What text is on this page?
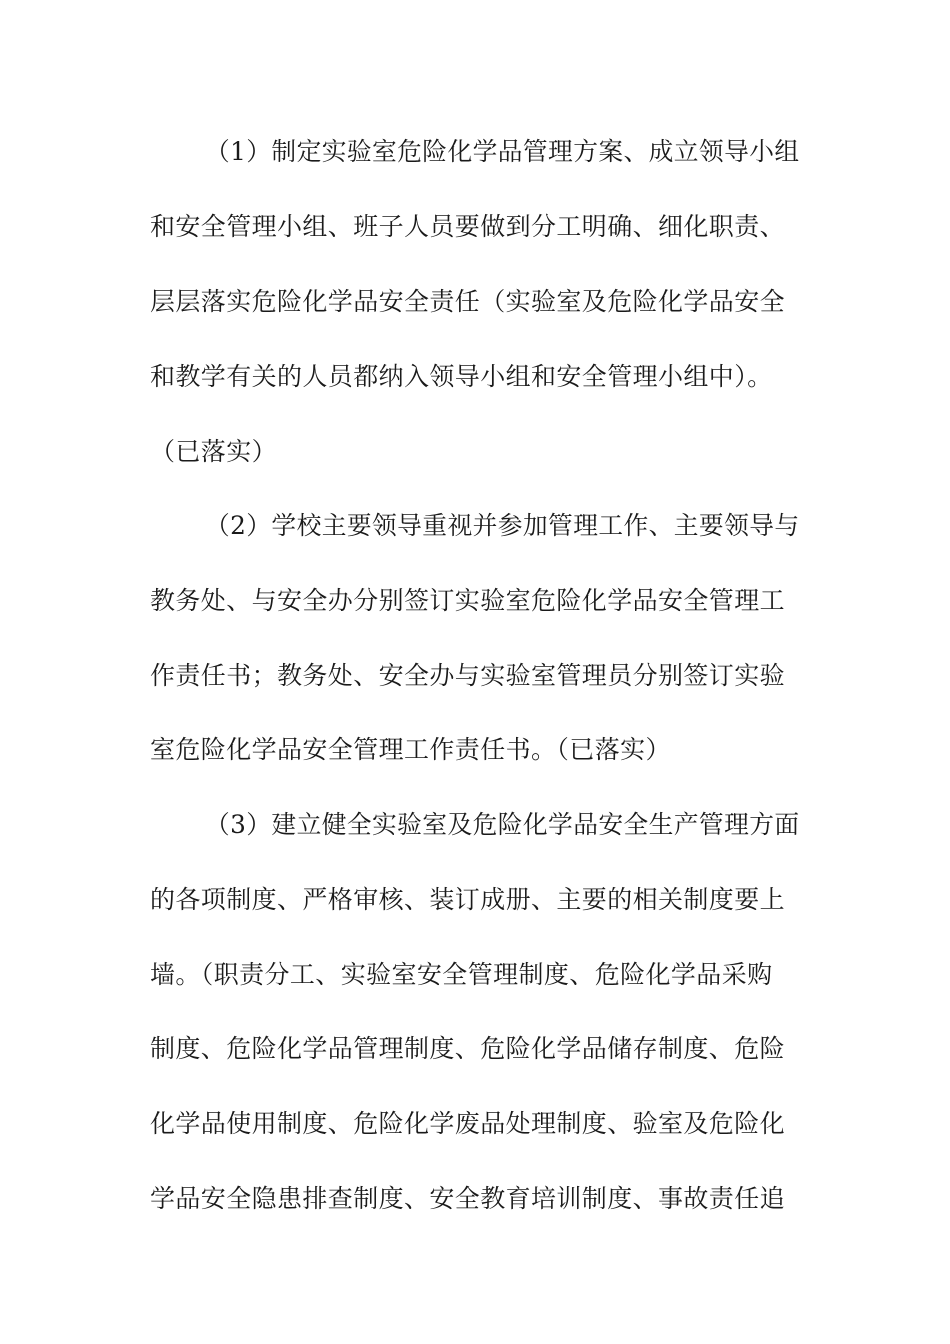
（1）制定实验室危险化学品管理方案、成立领导小组
和安全管理小组、班子人员要做到分工明确、细化职责、
层层落实危险化学品安全责任（实验室及危险化学品安全
和教学有关的人员都纳入领导小组和安全管理小组中）。
（已落实）
（2）学校主要领导重视并参加管理工作、主要领导与
教务处、与安全办分别签订实验室危险化学品安全管理工
作责任书；教务处、安全办与实验室管理员分别签订实验
室危险化学品安全管理工作责任书。（已落实）
（3）建立健全实验室及危险化学品安全生产管理方面
的各项制度、严格审核、装订成册、主要的相关制度要上
墙。（职责分工、实验室安全管理制度、危险化学品采购
制度、危险化学品管理制度、危险化学品储存制度、危险
化学品使用制度、危险化学废品处理制度、验室及危险化
学品安全隐患排查制度、安全教育培训制度、事故责任追
